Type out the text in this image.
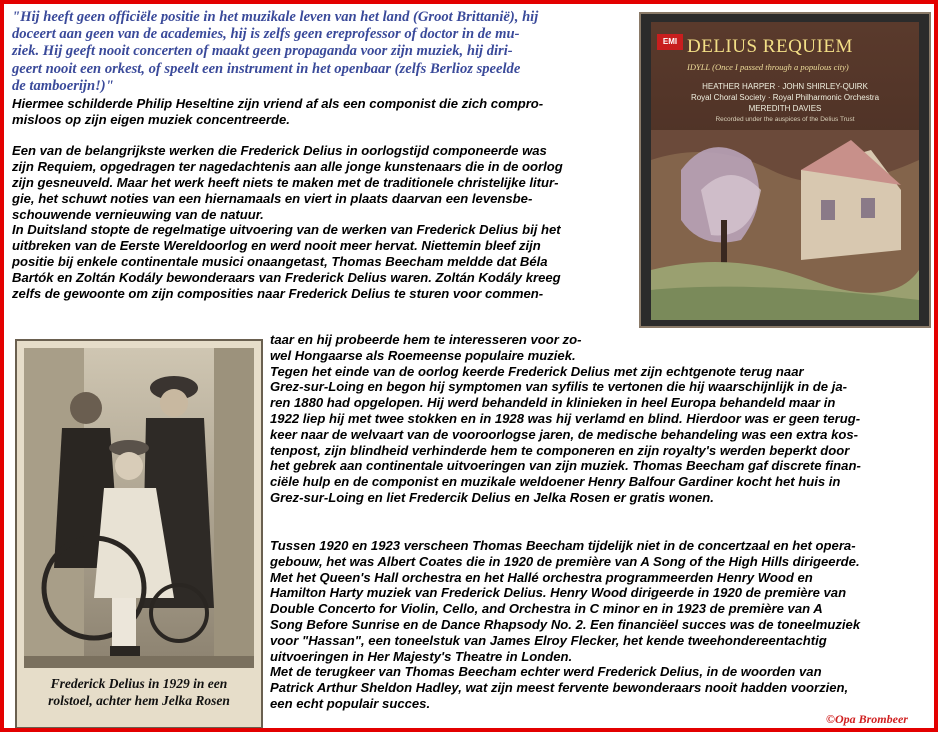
"Hij heeft geen officiële positie in het muzikale leven van het land (Groot Brittanië), hij
doceert aan geen van de academies, hij is zelfs geen ereprofessor of doctor in de mu-
ziek. Hij geeft nooit concerten of maakt geen propaganda voor zijn muziek, hij diri-
geert nooit een orkest, of speelt een instrument in het openbaar (zelfs Berlioz speelde
de tamboerijn!)"
Hiermee schilderde Philip Heseltine zijn vriend af als een componist die zich compro-
misloos op zijn eigen muziek concentreerde.
Een van de belangrijkste werken die Frederick Delius in oorlogstijd componeerde was
zijn Requiem, opgedragen ter nagedachtenis aan alle jonge kunstenaars die in de oorlog
zijn gesneuveld. Maar het werk heeft niets te maken met de traditionele christelijke litur-
gie, het schuwt noties van een hiernamaals en viert in plaats daarvan een levensbe-
schouwende vernieuwing van de natuur.
In Duitsland stopte de regelmatige uitvoering van de werken van Frederick Delius bij het
uitbreken van de Eerste Wereldoorlog en werd nooit meer hervat. Niettemin bleef zijn
positie bij enkele continentale musici onaangetast, Thomas Beecham meldde dat Béla
Bartók en Zoltán Kodály bewonderaars van Frederick Delius waren. Zoltán Kodály kreeg
zelfs de gewoonte om zijn composities naar Frederick Delius te sturen voor commen-
taar en hij probeerde hem te interesseren voor zo-
wel Hongaarse als Roemeense populaire muziek.
Tegen het einde van de oorlog keerde Frederick Delius met zijn echtgenote terug naar
Grez-sur-Loing en begon hij symptomen van syfilis te vertonen die hij waarschijnlijk in de ja-
ren 1880 had opgelopen. Hij werd behandeld in klinieken in heel Europa behandeld maar in
1922 liep hij met twee stokken en in 1928 was hij verlamd en blind. Hierdoor was er geen terug-
keer naar de welvaart van de vooroorlogse jaren, de medische behandeling was een extra kos-
tenpost, zijn blindheid verhinderde hem te componeren en zijn royalty's werden beperkt door
het gebrek aan continentale uitvoeringen van zijn muziek. Thomas Beecham gaf discrete finan-
ciële hulp en de componist en muzikale weldoener Henry Balfour Gardiner kocht het huis in
Grez-sur-Loing en liet Fredercik Delius en Jelka Rosen er gratis wonen.
Tussen 1920 en 1923 verscheen Thomas Beecham tijdelijk niet in de concertzaal en het opera-
gebouw, het was Albert Coates die in 1920 de première van A Song of the High Hills dirigeerde.
Met het Queen's Hall orchestra en het Hallé orchestra programmeerden Henry Wood en
Hamilton Harty muziek van Frederick Delius. Henry Wood dirigeerde in 1920 de première van
Double Concerto for Violin, Cello, and Orchestra in C minor en in 1923 de première van A
Song Before Sunrise en de Dance Rhapsody No. 2. Een financiëel succes was de toneelmuziek
voor "Hassan", een toneelstuk van James Elroy Flecker, het kende tweehondereentachtig
uitvoeringen in Her Majesty's Theatre in Londen.
Met de terugkeer van Thomas Beecham echter werd Frederick Delius, in de woorden van
Patrick Arthur Sheldon Hadley, wat zijn meest fervente bewonderaars nooit hadden voorzien,
een echt populair succes.
EMI DELIUS REQUIEM
IDYLL (Once I passed through a populous city)
HEATHER HARPER · JOHN SHIRLEY-QUIRK
Royal Choral Society · Royal Philharmonic Orchestra
MEREDITH DAVIES
Recorded under the auspices of the Delius Trust
Frederick Delius in 1929 in een
rolstoel, achter hem Jelka Rosen
©Opa Brombeer
